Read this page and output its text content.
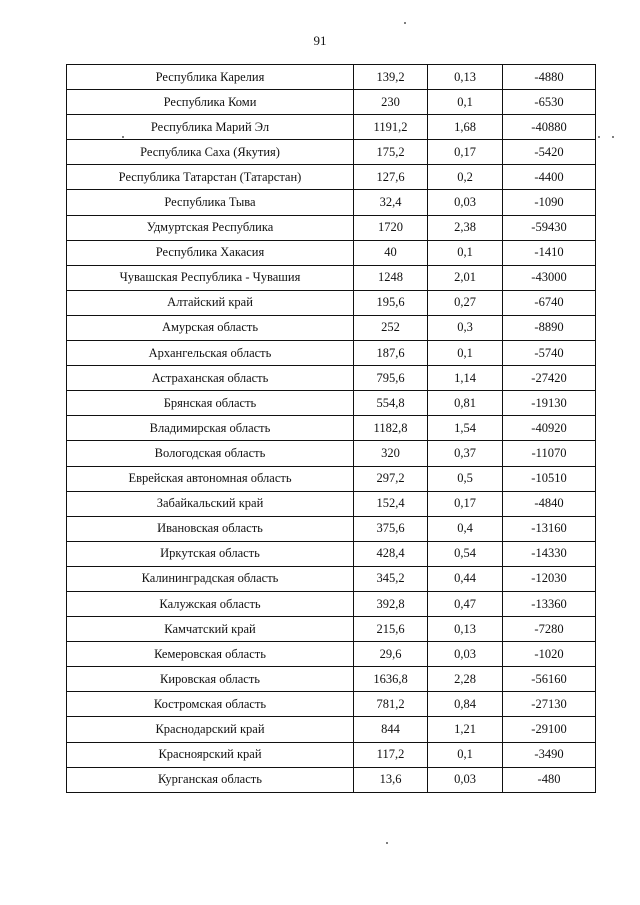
91
Республика Карелия	139,2	0,13	-4880
Республика Коми	230	0,1	-6530
Республика Марий Эл	1191,2	1,68	-40880
Республика Саха (Якутия)	175,2	0,17	-5420
Республика Татарстан (Татарстан)	127,6	0,2	-4400
Республика Тыва	32,4	0,03	-1090
Удмуртская Республика	1720	2,38	-59430
Республика Хакасия	40	0,1	-1410
Чувашская Республика - Чувашия	1248	2,01	-43000
Алтайский край	195,6	0,27	-6740
Амурская область	252	0,3	-8890
Архангельская область	187,6	0,1	-5740
Астраханская область	795,6	1,14	-27420
Брянская область	554,8	0,81	-19130
Владимирская область	1182,8	1,54	-40920
Вологодская область	320	0,37	-11070
Еврейская автономная область	297,2	0,5	-10510
Забайкальский край	152,4	0,17	-4840
Ивановская область	375,6	0,4	-13160
Иркутская область	428,4	0,54	-14330
Калининградская область	345,2	0,44	-12030
Калужская область	392,8	0,47	-13360
Камчатский край	215,6	0,13	-7280
Кемеровская область	29,6	0,03	-1020
Кировская область	1636,8	2,28	-56160
Костромская область	781,2	0,84	-27130
Краснодарский край	844	1,21	-29100
Красноярский край	117,2	0,1	-3490
Курганская область	13,6	0,03	-480
